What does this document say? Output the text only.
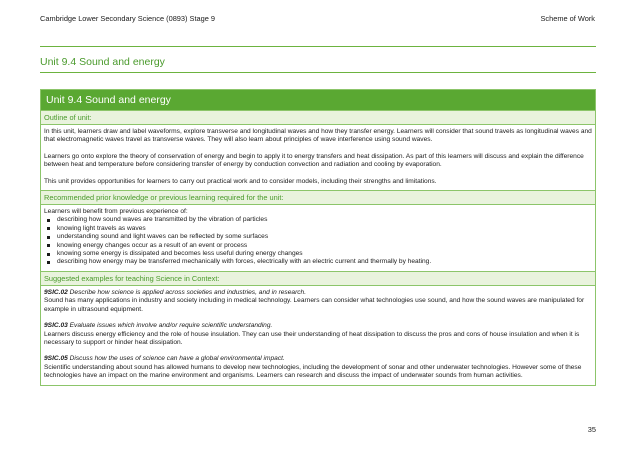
Cambridge Lower Secondary Science (0893) Stage 9	Scheme of Work
Unit 9.4 Sound and energy
Unit 9.4 Sound and energy
Outline of unit:

In this unit, learners draw and label waveforms, explore transverse and longitudinal waves and how they transfer energy. Learners will consider that sound travels as longitudinal waves and that electromagnetic waves travel as transverse waves. They will also learn about principles of wave interference using sound waves.

Learners go onto explore the theory of conservation of energy and begin to apply it to energy transfers and heat dissipation. As part of this learners will discuss and explain the difference between heat and temperature before considering transfer of energy by conduction convection and radiation and cooling by evaporation.

This unit provides opportunities for learners to carry out practical work and to consider models, including their strengths and limitations.

Recommended prior knowledge or previous learning required for the unit:

Learners will benefit from previous experience of:

describing how sound waves are transmitted by the vibration of particles
knowing light travels as waves
understanding sound and light waves can be reflected by some surfaces
knowing energy changes occur as a result of an event or process
knowing some energy is dissipated and becomes less useful during energy changes
describing how energy may be transferred mechanically with forces, electrically with an electric current and thermally by heating.
Suggested examples for teaching Science in Context:

9SIC.02 Describe how science is applied across societies and industries, and in research.

Sound has many applications in industry and society including in medical technology. Learners can consider what technologies use sound, and how the sound waves are manipulated for example in ultrasound equipment.

9SIC.03 Evaluate issues which involve and/or require scientific understanding.

Learners discuss energy efficiency and the role of house insulation. They can use their understanding of heat dissipation to discuss the pros and cons of house insulation and when it is necessary to support or hinder heat dissipation.

9SIC.05 Discuss how the uses of science can have a global environmental impact.

Scientific understanding about sound has allowed humans to develop new technologies, including the development of sonar and other underwater technologies. However some of these technologies have an impact on the marine environment and organisms. Learners can research and discuss the impact of underwater sounds from human activities.

35
